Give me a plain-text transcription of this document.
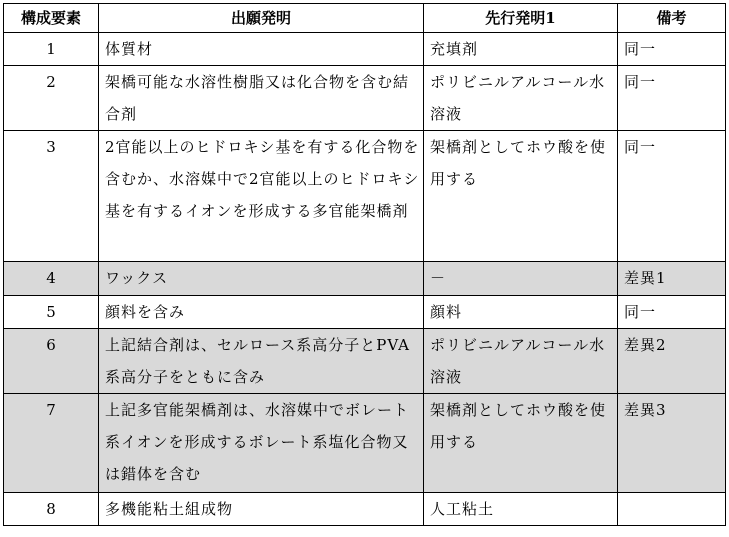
構成要素	出願発明	先行発明1	備考
1	体質材	充填剤	同一
2	架橋可能な水溶性樹脂又は化合物を含む結合剤	ポリビニルアルコール水溶液	同一
3	2官能以上のヒドロキシ基を有する化合物を含むか、水溶媒中で2官能以上のヒドロキシ基を有するイオンを形成する多官能架橋剤	架橋剤としてホウ酸を使用する	同一
4	ワックス	－	差異1
5	顔料を含み	顔料	同一
6	上記結合剤は、セルロース系高分子とPVA系高分子をともに含み	ポリビニルアルコール水溶液	差異2
7	上記多官能架橋剤は、水溶媒中でボレート系イオンを形成するボレート系塩化合物又は錯体を含む	架橋剤としてホウ酸を使用する	差異3
8	多機能粘土組成物	人工粘土	
